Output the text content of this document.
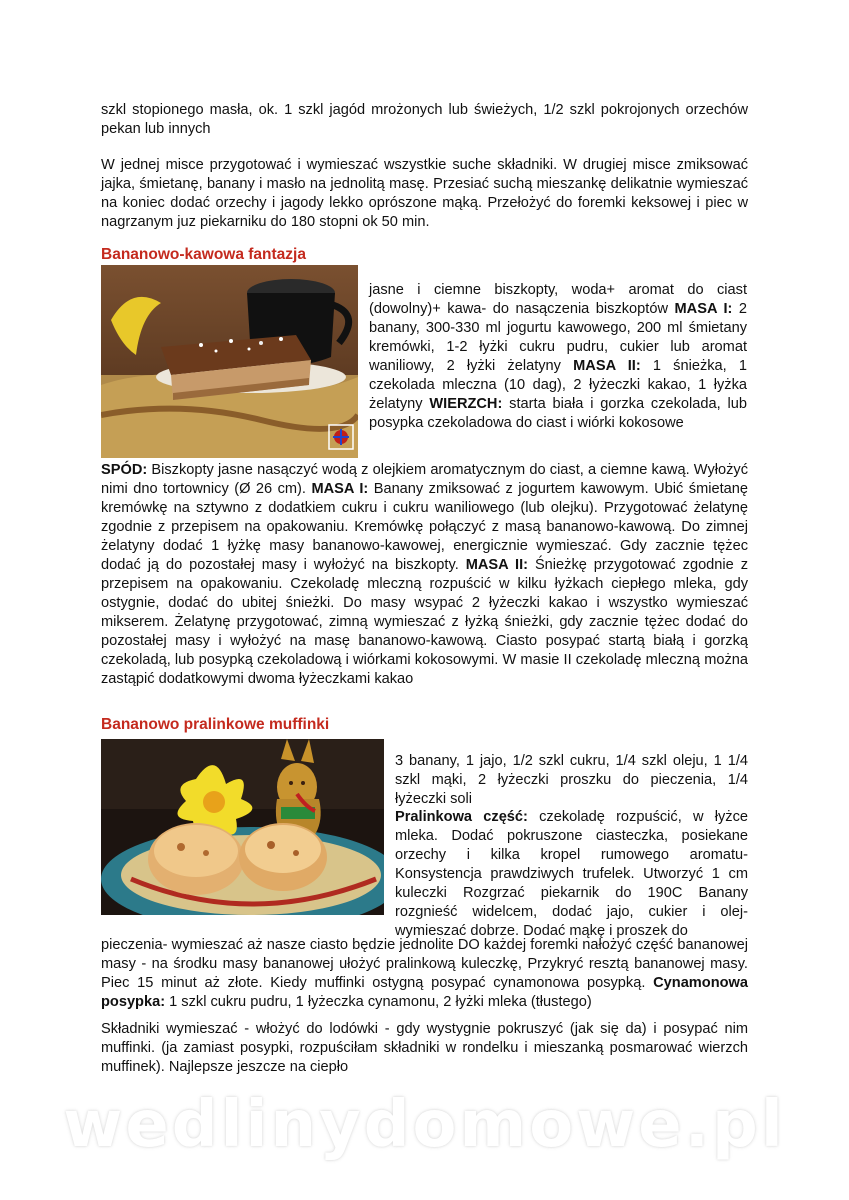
szkl stopionego masła, ok. 1 szkl jagód mrożonych lub świeżych, 1/2 szkl pokrojonych orzechów pekan lub innych

W jednej misce przygotować i wymieszać wszystkie suche składniki. W drugiej misce zmiksować jajka, śmietanę, banany i masło na jednolitą masę. Przesiać suchą mieszankę delikatnie wymieszać na koniec dodać orzechy i jagody lekko oprószone mąką. Przełożyć do foremki keksowej i piec w nagrzanym juz piekarniku do 180 stopni ok 50 min.

Bananowo-kawowa fantazja

jasne i ciemne biszkopty, woda+ aromat do ciast (dowolny)+ kawa- do nasączenia biszkoptów MASA I: 2 banany, 300-330 ml jogurtu kawowego, 200 ml śmietany kremówki, 1-2 łyżki cukru pudru, cukier lub aromat waniliowy, 2 łyżki żelatyny MASA II: 1 śnieżka, 1 czekolada mleczna (10 dag), 2 łyżeczki kakao, 1 łyżka żelatyny WIERZCH: starta biała i gorzka czekolada, lub posypka czekoladowa do ciast i wiórki kokosowe

SPÓD: Biszkopty jasne nasączyć wodą z olejkiem aromatycznym do ciast, a ciemne kawą. Wyłożyć nimi dno tortownicy (Ø 26 cm). MASA I: Banany zmiksować z jogurtem kawowym. Ubić śmietanę kremówkę na sztywno z dodatkiem cukru i cukru waniliowego (lub olejku). Przygotować żelatynę zgodnie z przepisem na opakowaniu. Kremówkę połączyć z masą bananowo-kawową. Do zimnej żelatyny dodać 1 łyżkę masy bananowo-kawowej, energicznie wymieszać. Gdy zacznie tężec dodać ją do pozostałej masy i wyłożyć na biszkopty. MASA II: Śnieżkę przygotować zgodnie z przepisem na opakowaniu. Czekoladę mleczną rozpuścić w kilku łyżkach ciepłego mleka, gdy ostygnie, dodać do ubitej śnieżki. Do masy wsypać 2 łyżeczki kakao i wszystko wymieszać mikserem. Żelatynę przygotować, zimną wymieszać z łyżką śnieżki, gdy zacznie tężec dodać do pozostałej masy i wyłożyć na masę bananowo-kawową. Ciasto posypać startą białą i gorzką czekoladą, lub posypką czekoladową i wiórkami kokosowymi. W masie II czekoladę mleczną można zastąpić dodatkowymi dwoma łyżeczkami kakao

Bananowo pralinkowe muffinki

3 banany, 1 jajo, 1/2 szkl cukru, 1/4 szkl oleju, 1 1/4 szkl mąki, 2 łyżeczki proszku do pieczenia, 1/4 łyżeczki soli

Pralinkowa część: czekoladę rozpuścić, w łyżce mleka. Dodać pokruszone ciasteczka, posiekane orzechy i kilka kropel rumowego aromatu- Konsystencja prawdziwych trufelek. Utworzyć 1 cm kuleczki Rozgrzać piekarnik do 190C Banany rozgnieść widelcem, dodać jajo, cukier i olej- wymieszać dobrze. Dodać mąkę i proszek do

pieczenia- wymieszać aż nasze ciasto będzie jednolite DO każdej foremki nałożyć część bananowej masy - na środku masy bananowej ułożyć pralinkową kuleczkę, Przykryć resztą bananowej masy. Piec 15 minut aż złote. Kiedy muffinki ostygną posypać cynamonowa posypką. Cynamonowa posypka: 1 szkl cukru pudru, 1 łyżeczka cynamonu, 2 łyżki mleka (tłustego)

Składniki wymieszać - włożyć do lodówki - gdy wystygnie pokruszyć (jak się da) i posypać nim muffinki. (ja zamiast posypki, rozpuściłam składniki w rondelku i mieszanką posmarować wierzch muffinek). Najlepsze jeszcze na ciepło

wedlinydomowe.pl
